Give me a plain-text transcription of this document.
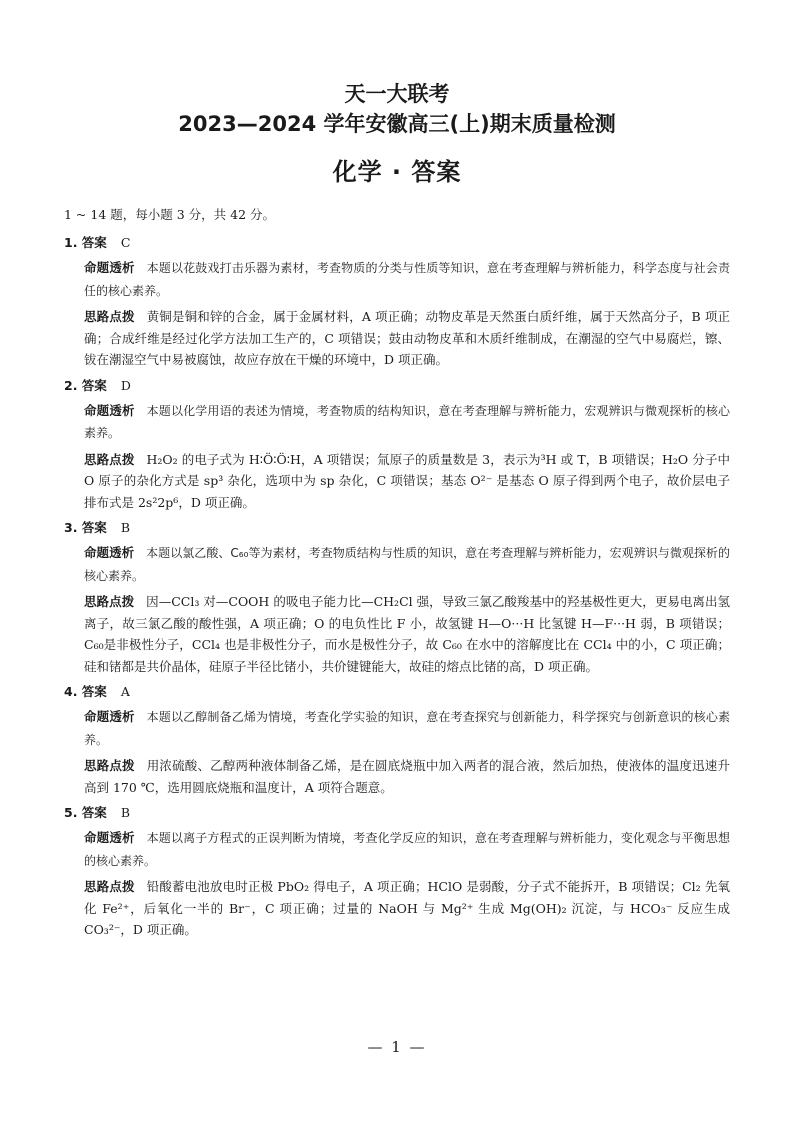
天一大联考
2023—2024 学年安徽高三(上)期末质量检测
化学 · 答案

1 ~ 14 题，每小题 3 分，共 42 分。

1. 答案 C
命题透析 本题以花鼓戏打击乐器为素材，考查物质的分类与性质等知识，意在考查理解与辨析能力，科学态度与社会责任的核心素养。
思路点拨 黄铜是铜和锌的合金，属于金属材料，A 项正确；动物皮革是天然蛋白质纤维，属于天然高分子，B 项正确；合成纤维是经过化学方法加工生产的，C 项错误；鼓由动物皮革和木质纤维制成，在潮湿的空气中易腐烂，镲、钹在潮湿空气中易被腐蚀，故应存放在干燥的环境中，D 项正确。
2. 答案 D
命题透析 本题以化学用语的表述为情境，考查物质的结构知识，意在考查理解与辨析能力，宏观辨识与微观探析的核心素养。
思路点拨 H₂O₂ 的电子式为 H∶Ö∶Ö∶H，A 项错误；氚原子的质量数是 3，表示为³H 或 T，B 项错误；H₂O 分子中 O 原子的杂化方式是 sp³ 杂化，选项中为 sp 杂化，C 项错误；基态 O²⁻ 是基态 O 原子得到两个电子，故价层电子排布式是 2s²2p⁶，D 项正确。
3. 答案 B
命题透析 本题以氯乙酸、C₆₀等为素材，考查物质结构与性质的知识，意在考查理解与辨析能力，宏观辨识与微观探析的核心素养。
思路点拨 因—CCl₃ 对—COOH 的吸电子能力比—CH₂Cl 强，导致三氯乙酸羧基中的羟基极性更大，更易电离出氢离子，故三氯乙酸的酸性强，A 项正确；O 的电负性比 F 小，故氢键 H—O···H 比氢键 H—F···H 弱，B 项错误；C₆₀是非极性分子，CCl₄ 也是非极性分子，而水是极性分子，故 C₆₀ 在水中的溶解度比在 CCl₄ 中的小，C 项正确；硅和锗都是共价晶体，硅原子半径比锗小，共价键键能大，故硅的熔点比锗的高，D 项正确。
4. 答案 A
命题透析 本题以乙醇制备乙烯为情境，考查化学实验的知识，意在考查探究与创新能力，科学探究与创新意识的核心素养。
思路点拨 用浓硫酸、乙醇两种液体制备乙烯，是在圆底烧瓶中加入两者的混合液，然后加热，使液体的温度迅速升高到 170 ℃，选用圆底烧瓶和温度计，A 项符合题意。
5. 答案 B
命题透析 本题以离子方程式的正误判断为情境，考查化学反应的知识，意在考查理解与辨析能力，变化观念与平衡思想的核心素养。
思路点拨 铅酸蓄电池放电时正极 PbO₂ 得电子，A 项正确；HClO 是弱酸，分子式不能拆开，B 项错误；Cl₂ 先氧化 Fe²⁺，后氧化一半的 Br⁻，C 项正确；过量的 NaOH 与 Mg²⁺ 生成 Mg(OH)₂ 沉淀，与 HCO₃⁻ 反应生成 CO₃²⁻，D 项正确。
— 1 —
